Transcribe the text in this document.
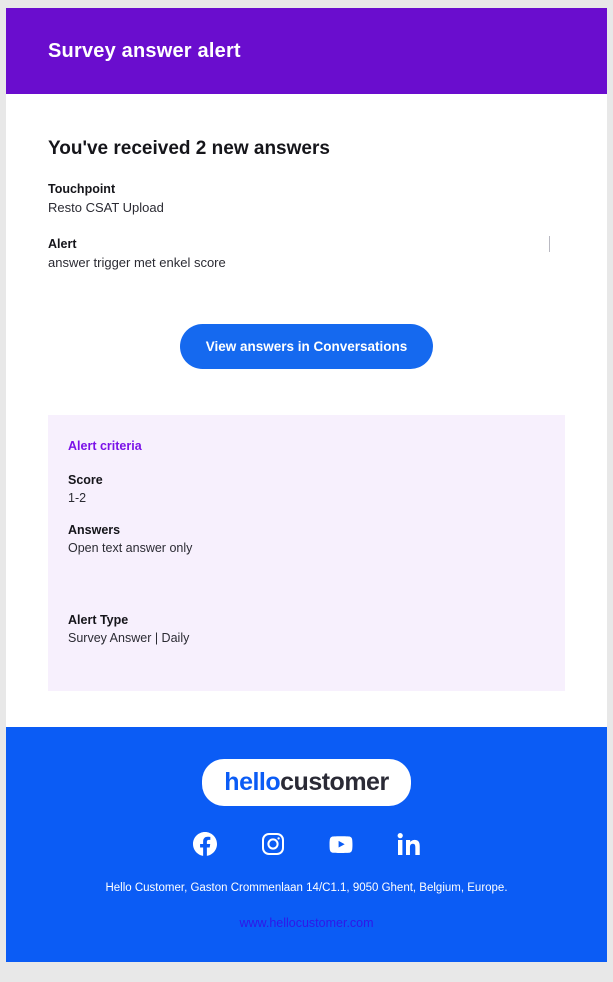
Survey answer alert
You've received 2 new answers
Touchpoint
Resto CSAT Upload
Alert
answer trigger met enkel score
View answers in Conversations
Alert criteria
Score
1-2
Answers
Open text answer only
Alert Type
Survey Answer | Daily
hellocustomer
Hello Customer, Gaston Crommenlaan 14/C1.1, 9050 Ghent, Belgium, Europe.
www.hellocustomer.com
